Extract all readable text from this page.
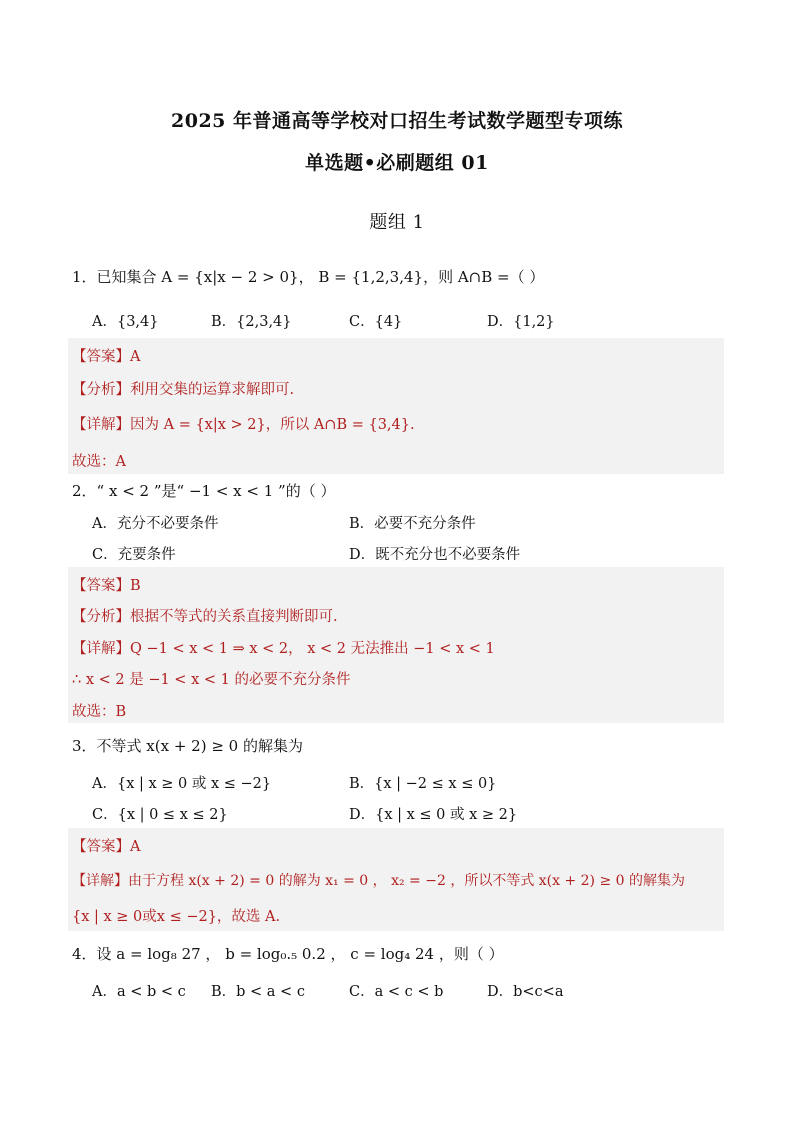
2025 年普通高等学校对口招生考试数学题型专项练
单选题•必刷题组 01
题组 1
1．已知集合 A = {x|x − 2 > 0}， B = {1,2,3,4}，则 A∩B =（ ）
A．{3,4}	B．{2,3,4}	C．{4}	D．{1,2}
【答案】A
【分析】利用交集的运算求解即可.
【详解】因为 A = {x|x > 2}，所以 A∩B = {3,4}.
故选：A
2．“ x < 2 ”是“ −1 < x < 1 ”的（ ）
A．充分不必要条件	B．必要不充分条件
C．充要条件	D．既不充分也不必要条件
【答案】B
【分析】根据不等式的关系直接判断即可.
【详解】Q −1 < x < 1 ⇒ x < 2， x < 2 无法推出 −1 < x < 1
∴ x < 2 是 −1 < x < 1 的必要不充分条件
故选：B
3．不等式 x(x + 2) ≥ 0 的解集为
A．{x | x ≥ 0 或 x ≤ −2}	B．{x | −2 ≤ x ≤ 0}
C．{x | 0 ≤ x ≤ 2}	D．{x | x ≤ 0 或 x ≥ 2}
【答案】A
【详解】由于方程 x(x + 2) = 0 的解为 x₁ = 0 ， x₂ = −2 ，所以不等式 x(x + 2) ≥ 0 的解集为
{x | x ≥ 0或x ≤ −2}，故选 A.
4．设 a = log₈ 27 ， b = log₀.₅ 0.2 ， c = log₄ 24 ，则（ ）
A．a < b < c B．b < a < c	C．a < c < b	D．b<c<a
